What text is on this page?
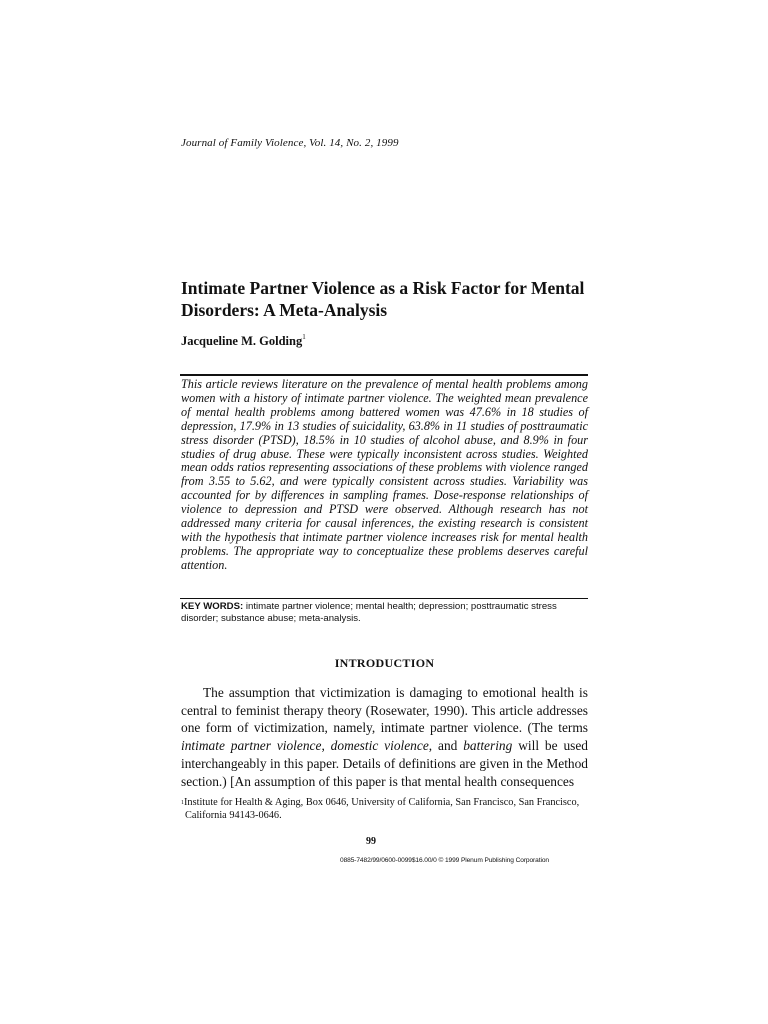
Journal of Family Violence, Vol. 14, No. 2, 1999
Intimate Partner Violence as a Risk Factor for Mental Disorders: A Meta-Analysis
Jacqueline M. Golding$^1$

This article reviews literature on the prevalence of mental health problems among women with a history of intimate partner violence. The weighted mean prevalence of mental health problems among battered women was 47.6% in 18 studies of depression, 17.9% in 13 studies of suicidality, 63.8% in 11 studies of posttraumatic stress disorder (PTSD), 18.5% in 10 studies of alcohol abuse, and 8.9% in four studies of drug abuse. These were typically inconsistent across studies. Weighted mean odds ratios representing associations of these problems with violence ranged from 3.55 to 5.62, and were typically consistent across studies. Variability was accounted for by differences in sampling frames. Dose-response relationships of violence to depression and PTSD were observed. Although research has not addressed many criteria for causal inferences, the existing research is consistent with the hypothesis that intimate partner violence increases risk for mental health problems. The appropriate way to conceptualize these problems deserves careful attention.

KEY WORDS: intimate partner violence; mental health; depression; posttraumatic stress disorder; substance abuse; meta-analysis.

INTRODUCTION

The assumption that victimization is damaging to emotional health is central to feminist therapy theory (Rosewater, 1990). This article addresses one form of victimization, namely, intimate partner violence. (The terms intimate partner violence, domestic violence, and battering will be used interchangeably in this paper. Details of definitions are given in the Method section.) [An assumption of this paper is that mental health consequences

$^1$Institute for Health & Aging, Box 0646, University of California, San Francisco, San Francisco,
California 94143-0646.

99
0885-7482/99/0600-0099$16.00/0 © 1999 Plenum Publishing Corporation
